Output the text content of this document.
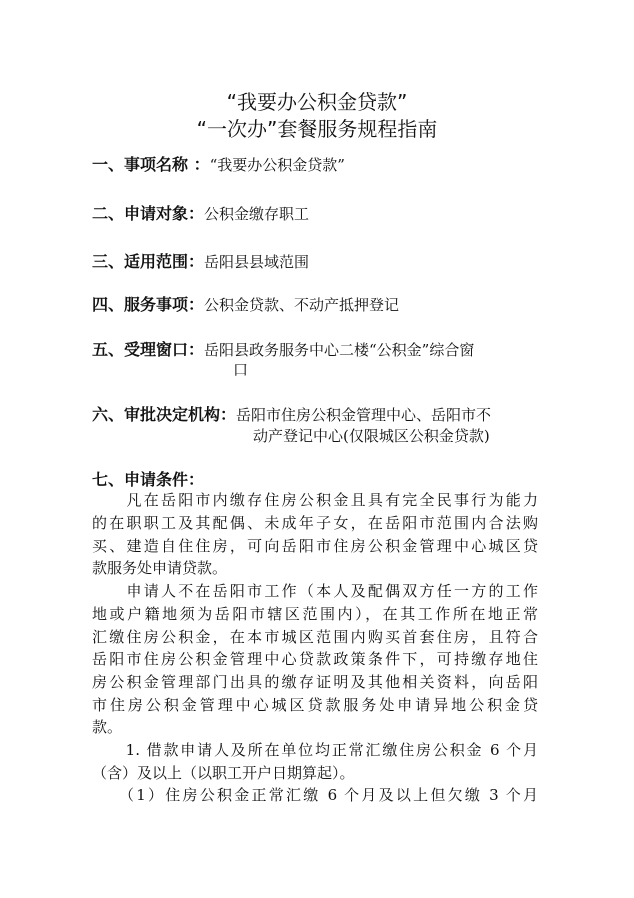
“我要办公积金贷款”
“一次办”套餐服务规程指南
一、事项名称 ：“我要办公积金贷款”
二、申请对象：公积金缴存职工
三、适用范围：岳阳县县域范围
四、服务事项：公积金贷款、不动产抵押登记
五、受理窗口：岳阳县政务服务中心二楼“公积金”综合窗
口
六、审批决定机构：岳阳市住房公积金管理中心、岳阳市不
动产登记中心(仅限城区公积金贷款)
七、申请条件：
　　凡在岳阳市内缴存住房公积金且具有完全民事行为能力
的在职职工及其配偶、未成年子女，在岳阳市范围内合法购
买、建造自住住房，可向岳阳市住房公积金管理中心城区贷
款服务处申请贷款。
　　申请人不在岳阳市工作（本人及配偶双方任一方的工作
地或户籍地须为岳阳市辖区范围内），在其工作所在地正常
汇缴住房公积金，在本市城区范围内购买首套住房，且符合
岳阳市住房公积金管理中心贷款政策条件下，可持缴存地住
房公积金管理部门出具的缴存证明及其他相关资料，向岳阳
市住房公积金管理中心城区贷款服务处申请异地公积金贷
款。
　　1. 借款申请人及所在单位均正常汇缴住房公积金 6 个月
（含）及以上（以职工开户日期算起）。
　　（1）住房公积金正常汇缴 6 个月及以上但欠缴 3 个月
